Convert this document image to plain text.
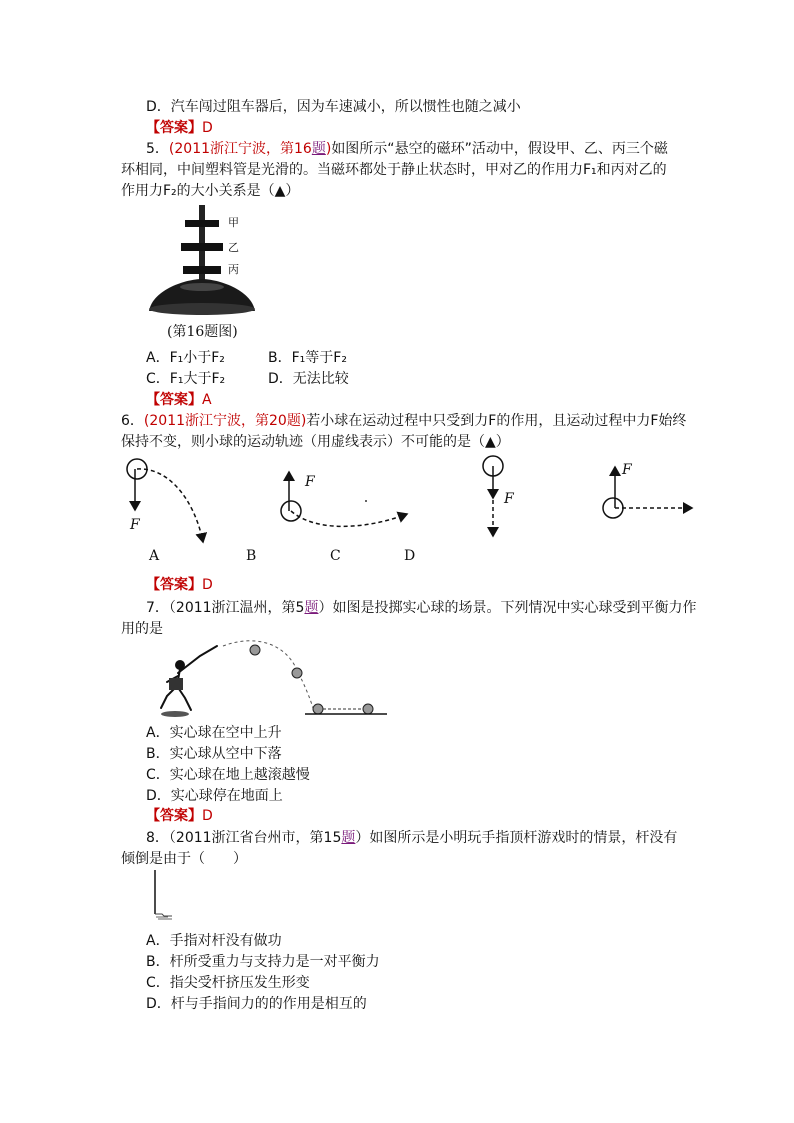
D．汽车闯过阻车器后，因为车速减小，所以惯性也随之减小
【答案】D
5．(2011浙江宁波，第16题)如图所示“悬空的磁环”活动中，假设甲、乙、丙三个磁
环相同，中间塑料管是光滑的。当磁环都处于静止状态时，甲对乙的作用力F₁和丙对乙的
作用力F₂的大小关系是（▲）
甲
乙
丙
(第16题图)
A．F₁小于F₂	B．F₁等于F₂
C．F₁大于F₂	D．无法比较
【答案】A
6．(2011浙江宁波，第20题)若小球在运动过程中只受到力F的作用，且运动过程中力F始终
保持不变，则小球的运动轨迹（用虚线表示）不可能的是（▲）
F
F
F
F
A	B	C	D
【答案】D
7．（2011浙江温州，第5题）如图是投掷实心球的场景。下列情况中实心球受到平衡力作
用的是
A．实心球在空中上升
B．实心球从空中下落
C．实心球在地上越滚越慢
D．实心球停在地面上
【答案】D
8．（2011浙江省台州市，第15题）如图所示是小明玩手指顶杆游戏时的情景，杆没有
倾倒是由于（　　）
A．手指对杆没有做功
B．杆所受重力与支持力是一对平衡力
C．指尖受杆挤压发生形变
D．杆与手指间力的的作用是相互的
